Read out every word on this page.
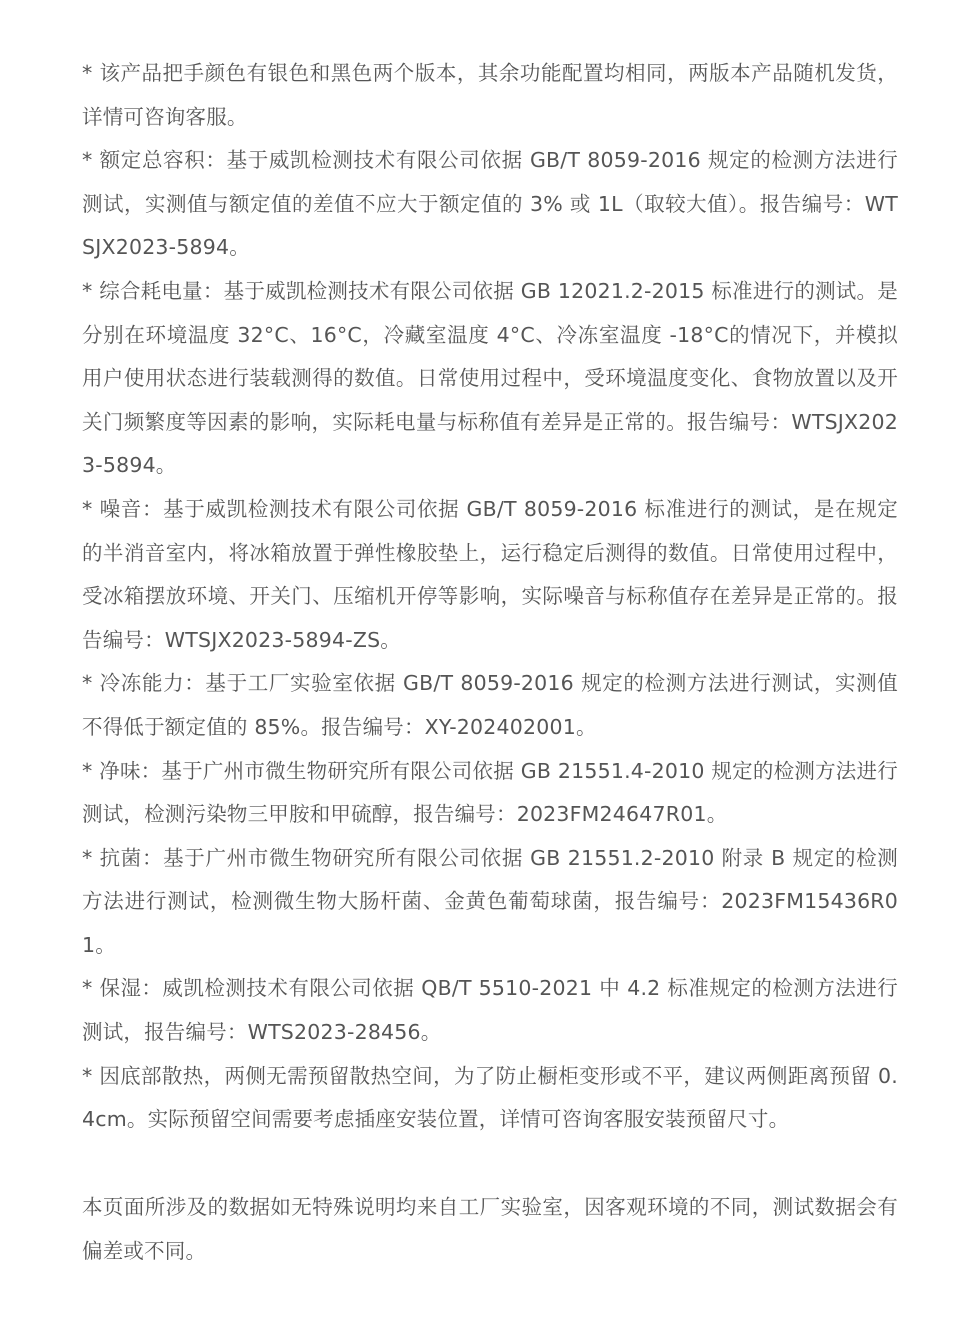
* 该产品把手颜色有银色和黑色两个版本，其余功能配置均相同，两版本产品随机发货，详情可咨询客服。

* 额定总容积：基于威凯检测技术有限公司依据 GB/T 8059-2016 规定的检测方法进行测试，实测值与额定值的差值不应大于额定值的 3% 或 1L（取较大值）。报告编号：WTSJX2023-5894。

* 综合耗电量：基于威凯检测技术有限公司依据 GB 12021.2-2015 标准进行的测试。是分别在环境温度 32°C、16°C，冷藏室温度 4°C、冷冻室温度 -18°C的情况下，并模拟用户使用状态进行装载测得的数值。日常使用过程中，受环境温度变化、食物放置以及开关门频繁度等因素的影响，实际耗电量与标称值有差异是正常的。报告编号：WTSJX2023-5894。

* 噪音：基于威凯检测技术有限公司依据 GB/T 8059-2016 标准进行的测试，是在规定的半消音室内，将冰箱放置于弹性橡胶垫上，运行稳定后测得的数值。日常使用过程中，受冰箱摆放环境、开关门、压缩机开停等影响，实际噪音与标称值存在差异是正常的。报告编号：WTSJX2023-5894-ZS。

* 冷冻能力：基于工厂实验室依据 GB/T 8059-2016 规定的检测方法进行测试，实测值不得低于额定值的 85%。报告编号：XY-202402001。

* 净味：基于广州市微生物研究所有限公司依据 GB 21551.4-2010 规定的检测方法进行测试，检测污染物三甲胺和甲硫醇，报告编号：2023FM24647R01。

* 抗菌：基于广州市微生物研究所有限公司依据 GB 21551.2-2010 附录 B 规定的检测方法进行测试，检测微生物大肠杆菌、金黄色葡萄球菌，报告编号：2023FM15436R01。

* 保湿：威凯检测技术有限公司依据 QB/T 5510-2021 中 4.2 标准规定的检测方法进行测试，报告编号：WTS2023-28456。

* 因底部散热，两侧无需预留散热空间，为了防止橱柜变形或不平，建议两侧距离预留 0.4cm。实际预留空间需要考虑插座安装位置，详情可咨询客服安装预留尺寸。

本页面所涉及的数据如无特殊说明均来自工厂实验室，因客观环境的不同，测试数据会有偏差或不同。
